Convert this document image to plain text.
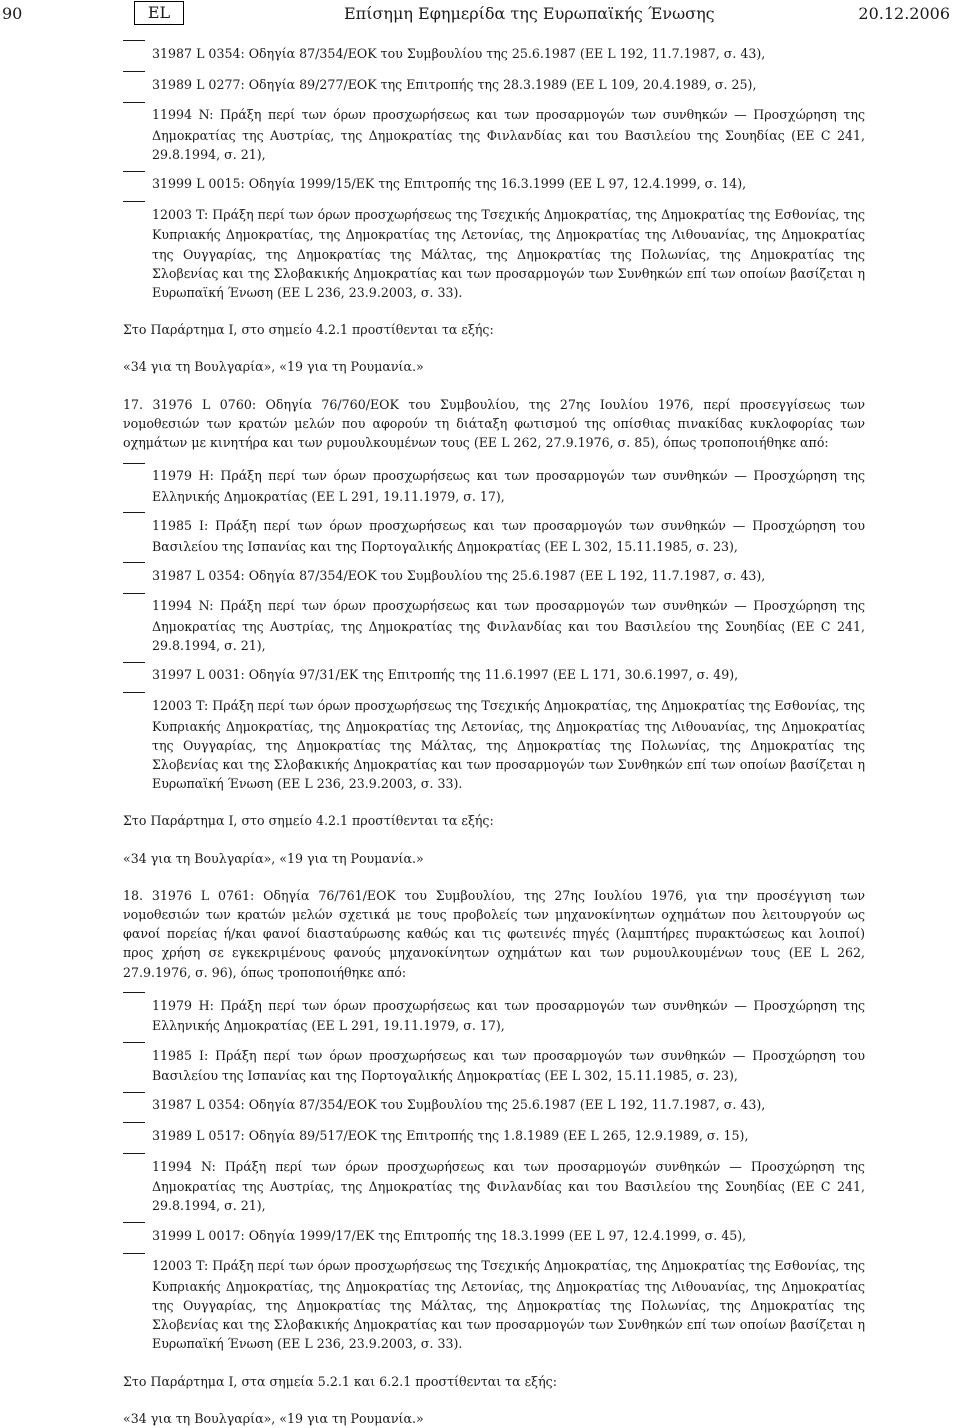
90	EL	Επίσημη Εφημερίδα της Ευρωπαϊκής Ένωσης	20.12.2006

31987 L 0354: Οδηγία 87/354/ΕΟΚ του Συμβουλίου της 25.6.1987 (ΕΕ L 192, 11.7.1987, σ. 43),

31989 L 0277: Οδηγία 89/277/ΕΟΚ της Επιτροπής της 28.3.1989 (ΕΕ L 109, 20.4.1989, σ. 25),

11994 N: Πράξη περί των όρων προσχωρήσεως και των προσαρμογών των συνθηκών — Προσχώρηση της Δημοκρατίας της Αυστρίας, της Δημοκρατίας της Φινλανδίας και του Βασιλείου της Σουηδίας (ΕΕ C 241, 29.8.1994, σ. 21),

31999 L 0015: Οδηγία 1999/15/ΕΚ της Επιτροπής της 16.3.1999 (ΕΕ L 97, 12.4.1999, σ. 14),

12003 T: Πράξη περί των όρων προσχωρήσεως της Τσεχικής Δημοκρατίας, της Δημοκρατίας της Εσθονίας, της Κυπριακής Δημοκρατίας, της Δημοκρατίας της Λετονίας, της Δημοκρατίας της Λιθουανίας, της Δημοκρατίας της Ουγγαρίας, της Δημοκρατίας της Μάλτας, της Δημοκρατίας της Πολωνίας, της Δημοκρατίας της Σλοβενίας και της Σλοβακικής Δημοκρατίας και των προσαρμογών των Συνθηκών επί των οποίων βασίζεται η Ευρωπαϊκή Ένωση (ΕΕ L 236, 23.9.2003, σ. 33).

Στο Παράρτημα I, στο σημείο 4.2.1 προστίθενται τα εξής:

«34 για τη Βουλγαρία», «19 για τη Ρουμανία.»

17. 31976 L 0760: Οδηγία 76/760/ΕΟΚ του Συμβουλίου, της 27ης Ιουλίου 1976, περί προσεγγίσεως των νομοθεσιών των κρατών μελών που αφορούν τη διάταξη φωτισμού της οπίσθιας πινακίδας κυκλοφορίας των οχημάτων με κινητήρα και των ρυμουλκουμένων τους (ΕΕ L 262, 27.9.1976, σ. 85), όπως τροποποιήθηκε από:

11979 H: Πράξη περί των όρων προσχωρήσεως και των προσαρμογών των συνθηκών — Προσχώρηση της Ελληνικής Δημοκρατίας (ΕΕ L 291, 19.11.1979, σ. 17),

11985 I: Πράξη περί των όρων προσχωρήσεως και των προσαρμογών των συνθηκών — Προσχώρηση του Βασιλείου της Ισπανίας και της Πορτογαλικής Δημοκρατίας (ΕΕ L 302, 15.11.1985, σ. 23),

31987 L 0354: Οδηγία 87/354/ΕΟΚ του Συμβουλίου της 25.6.1987 (ΕΕ L 192, 11.7.1987, σ. 43),

11994 N: Πράξη περί των όρων προσχωρήσεως και των προσαρμογών των συνθηκών — Προσχώρηση της Δημοκρατίας της Αυστρίας, της Δημοκρατίας της Φινλανδίας και του Βασιλείου της Σουηδίας (ΕΕ C 241, 29.8.1994, σ. 21),

31997 L 0031: Οδηγία 97/31/ΕΚ της Επιτροπής της 11.6.1997 (ΕΕ L 171, 30.6.1997, σ. 49),

12003 T: Πράξη περί των όρων προσχωρήσεως της Τσεχικής Δημοκρατίας, της Δημοκρατίας της Εσθονίας, της Κυπριακής Δημοκρατίας, της Δημοκρατίας της Λετονίας, της Δημοκρατίας της Λιθουανίας, της Δημοκρατίας της Ουγγαρίας, της Δημοκρατίας της Μάλτας, της Δημοκρατίας της Πολωνίας, της Δημοκρατίας της Σλοβενίας και της Σλοβακικής Δημοκρατίας και των προσαρμογών των Συνθηκών επί των οποίων βασίζεται η Ευρωπαϊκή Ένωση (ΕΕ L 236, 23.9.2003, σ. 33).

Στο Παράρτημα I, στο σημείο 4.2.1 προστίθενται τα εξής:

«34 για τη Βουλγαρία», «19 για τη Ρουμανία.»

18. 31976 L 0761: Οδηγία 76/761/ΕΟΚ του Συμβουλίου, της 27ης Ιουλίου 1976, για την προσέγγιση των νομοθεσιών των κρατών μελών σχετικά με τους προβολείς των μηχανοκίνητων οχημάτων που λειτουργούν ως φανοί πορείας ή/και φανοί διασταύρωσης καθώς και τις φωτεινές πηγές (λαμπτήρες πυρακτώσεως και λοιποί) προς χρήση σε εγκεκριμένους φανούς μηχανοκίνητων οχημάτων και των ρυμουλκουμένων τους (ΕΕ L 262, 27.9.1976, σ. 96), όπως τροποποιήθηκε από:

11979 H: Πράξη περί των όρων προσχωρήσεως και των προσαρμογών των συνθηκών — Προσχώρηση της Ελληνικής Δημοκρατίας (ΕΕ L 291, 19.11.1979, σ. 17),

11985 I: Πράξη περί των όρων προσχωρήσεως και των προσαρμογών των συνθηκών — Προσχώρηση του Βασιλείου της Ισπανίας και της Πορτογαλικής Δημοκρατίας (ΕΕ L 302, 15.11.1985, σ. 23),

31987 L 0354: Οδηγία 87/354/ΕΟΚ του Συμβουλίου της 25.6.1987 (ΕΕ L 192, 11.7.1987, σ. 43),

31989 L 0517: Οδηγία 89/517/ΕΟΚ της Επιτροπής της 1.8.1989 (ΕΕ L 265, 12.9.1989, σ. 15),

11994 N: Πράξη περί των όρων προσχωρήσεως και των προσαρμογών συνθηκών — Προσχώρηση της Δημοκρατίας της Αυστρίας, της Δημοκρατίας της Φινλανδίας και του Βασιλείου της Σουηδίας (ΕΕ C 241, 29.8.1994, σ. 21),

31999 L 0017: Οδηγία 1999/17/ΕΚ της Επιτροπής της 18.3.1999 (ΕΕ L 97, 12.4.1999, σ. 45),

12003 T: Πράξη περί των όρων προσχωρήσεως της Τσεχικής Δημοκρατίας, της Δημοκρατίας της Εσθονίας, της Κυπριακής Δημοκρατίας, της Δημοκρατίας της Λετονίας, της Δημοκρατίας της Λιθουανίας, της Δημοκρατίας της Ουγγαρίας, της Δημοκρατίας της Μάλτας, της Δημοκρατίας της Πολωνίας, της Δημοκρατίας της Σλοβενίας και της Σλοβακικής Δημοκρατίας και των προσαρμογών των Συνθηκών επί των οποίων βασίζεται η Ευρωπαϊκή Ένωση (ΕΕ L 236, 23.9.2003, σ. 33).

Στο Παράρτημα I, στα σημεία 5.2.1 και 6.2.1 προστίθενται τα εξής:

«34 για τη Βουλγαρία», «19 για τη Ρουμανία.»
